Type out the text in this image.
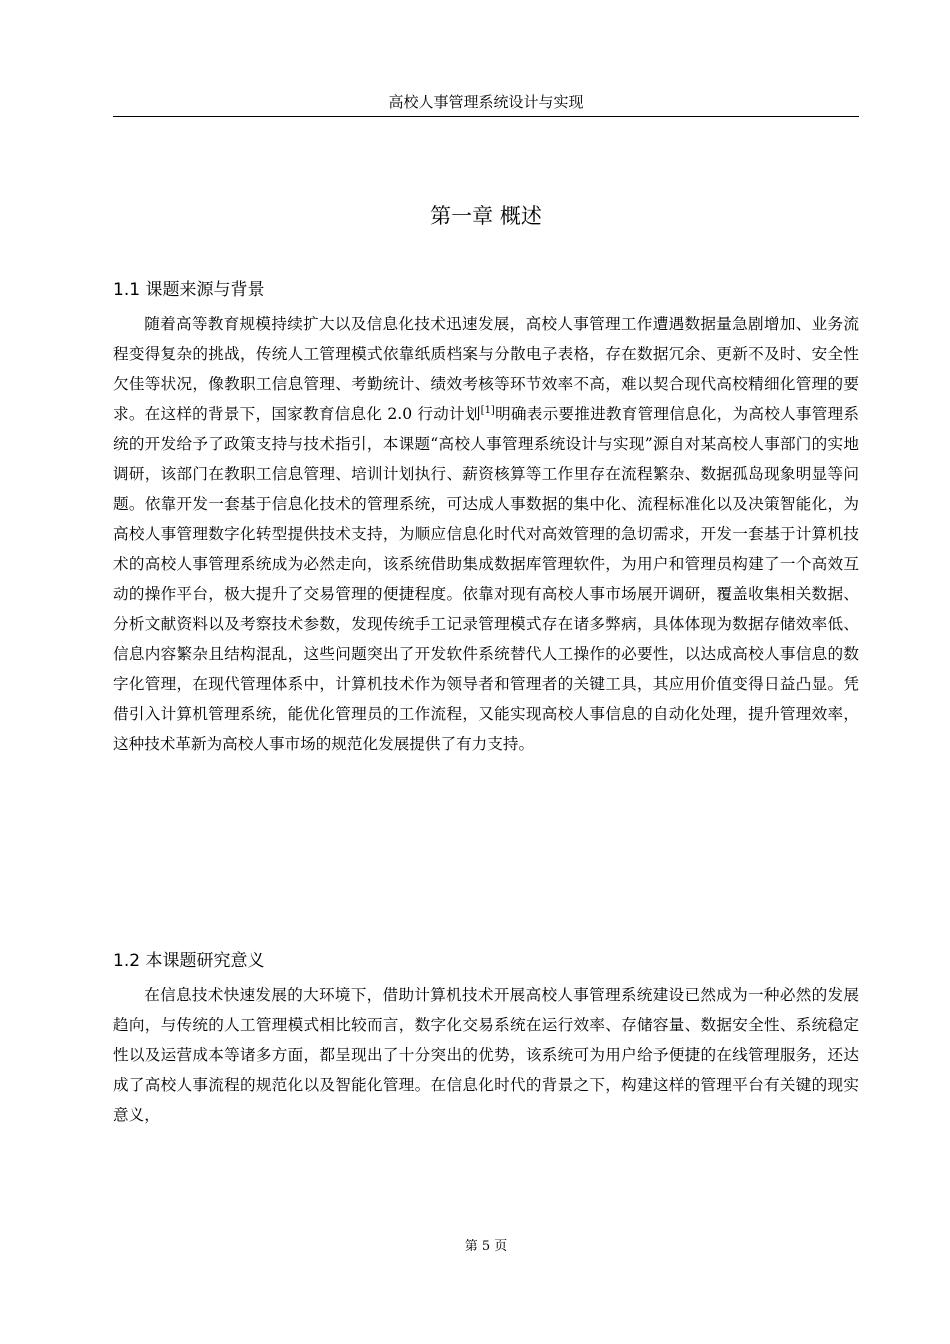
高校人事管理系统设计与实现
第一章 概述
1.1 课题来源与背景
随着高等教育规模持续扩大以及信息化技术迅速发展，高校人事管理工作遭遇数据量急剧增加、业务流程变得复杂的挑战，传统人工管理模式依靠纸质档案与分散电子表格，存在数据冗余、更新不及时、安全性欠佳等状况，像教职工信息管理、考勤统计、绩效考核等环节效率不高，难以契合现代高校精细化管理的要求。在这样的背景下，国家教育信息化 2.0 行动计划[1]明确表示要推进教育管理信息化，为高校人事管理系统的开发给予了政策支持与技术指引，本课题“高校人事管理系统设计与实现”源自对某高校人事部门的实地调研，该部门在教职工信息管理、培训计划执行、薪资核算等工作里存在流程繁杂、数据孤岛现象明显等问题。依靠开发一套基于信息化技术的管理系统，可达成人事数据的集中化、流程标准化以及决策智能化，为高校人事管理数字化转型提供技术支持，为顺应信息化时代对高效管理的急切需求，开发一套基于计算机技术的高校人事管理系统成为必然走向，该系统借助集成数据库管理软件，为用户和管理员构建了一个高效互动的操作平台，极大提升了交易管理的便捷程度。依靠对现有高校人事市场展开调研，覆盖收集相关数据、分析文献资料以及考察技术参数，发现传统手工记录管理模式存在诸多弊病，具体体现为数据存储效率低、信息内容繁杂且结构混乱，这些问题突出了开发软件系统替代人工操作的必要性，以达成高校人事信息的数字化管理，在现代管理体系中，计算机技术作为领导者和管理者的关键工具，其应用价值变得日益凸显。凭借引入计算机管理系统，能优化管理员的工作流程，又能实现高校人事信息的自动化处理，提升管理效率，这种技术革新为高校人事市场的规范化发展提供了有力支持。
1.2 本课题研究意义
在信息技术快速发展的大环境下，借助计算机技术开展高校人事管理系统建设已然成为一种必然的发展趋向，与传统的人工管理模式相比较而言，数字化交易系统在运行效率、存储容量、数据安全性、系统稳定性以及运营成本等诸多方面，都呈现出了十分突出的优势，该系统可为用户给予便捷的在线管理服务，还达成了高校人事流程的规范化以及智能化管理。在信息化时代的背景之下，构建这样的管理平台有关键的现实意义，
第 5 页
